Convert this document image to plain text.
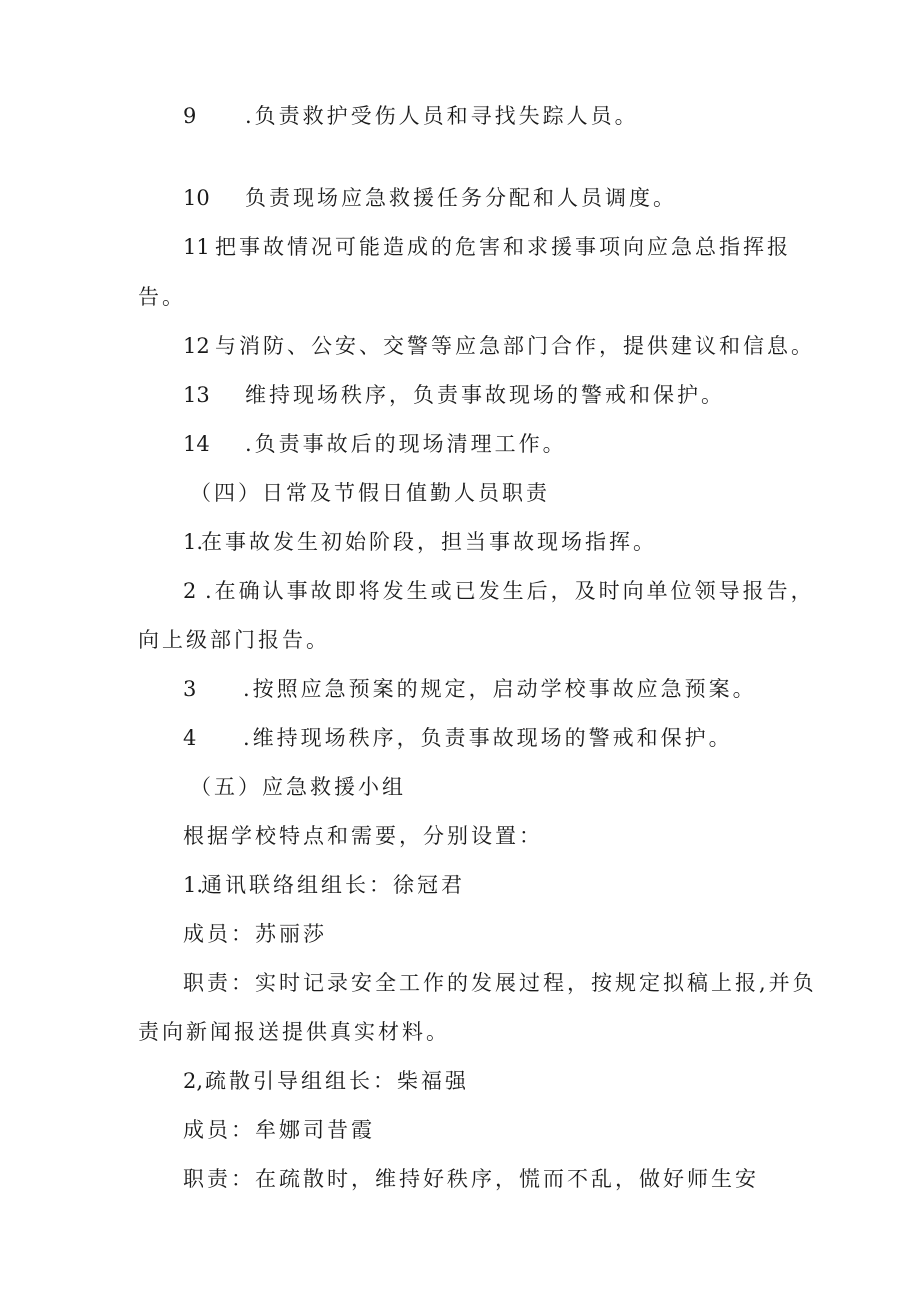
9 .负责救护受伤人员和寻找失踪人员。
10 负责现场应急救援任务分配和人员调度。
11 把事故情况可能造成的危害和求援事项向应急总指挥报
告。
12 与消防、公安、交警等应急部门合作，提供建议和信息。
13 维持现场秩序，负责事故现场的警戒和保护。
14 .负责事故后的现场清理工作。
（四）日常及节假日值勤人员职责
1.在事故发生初始阶段，担当事故现场指挥。
2 .在确认事故即将发生或已发生后，及时向单位领导报告，
向上级部门报告。
3 .按照应急预案的规定，启动学校事故应急预案。
4 .维持现场秩序，负责事故现场的警戒和保护。
（五）应急救援小组
根据学校特点和需要，分别设置：
1.通讯联络组组长：徐冠君
成员：苏丽莎
职责：实时记录安全工作的发展过程，按规定拟稿上报,并负
责向新闻报送提供真实材料。
2,疏散引导组组长：柴福强
成员：牟娜司昔霞
职责：在疏散时，维持好秩序，慌而不乱，做好师生安
